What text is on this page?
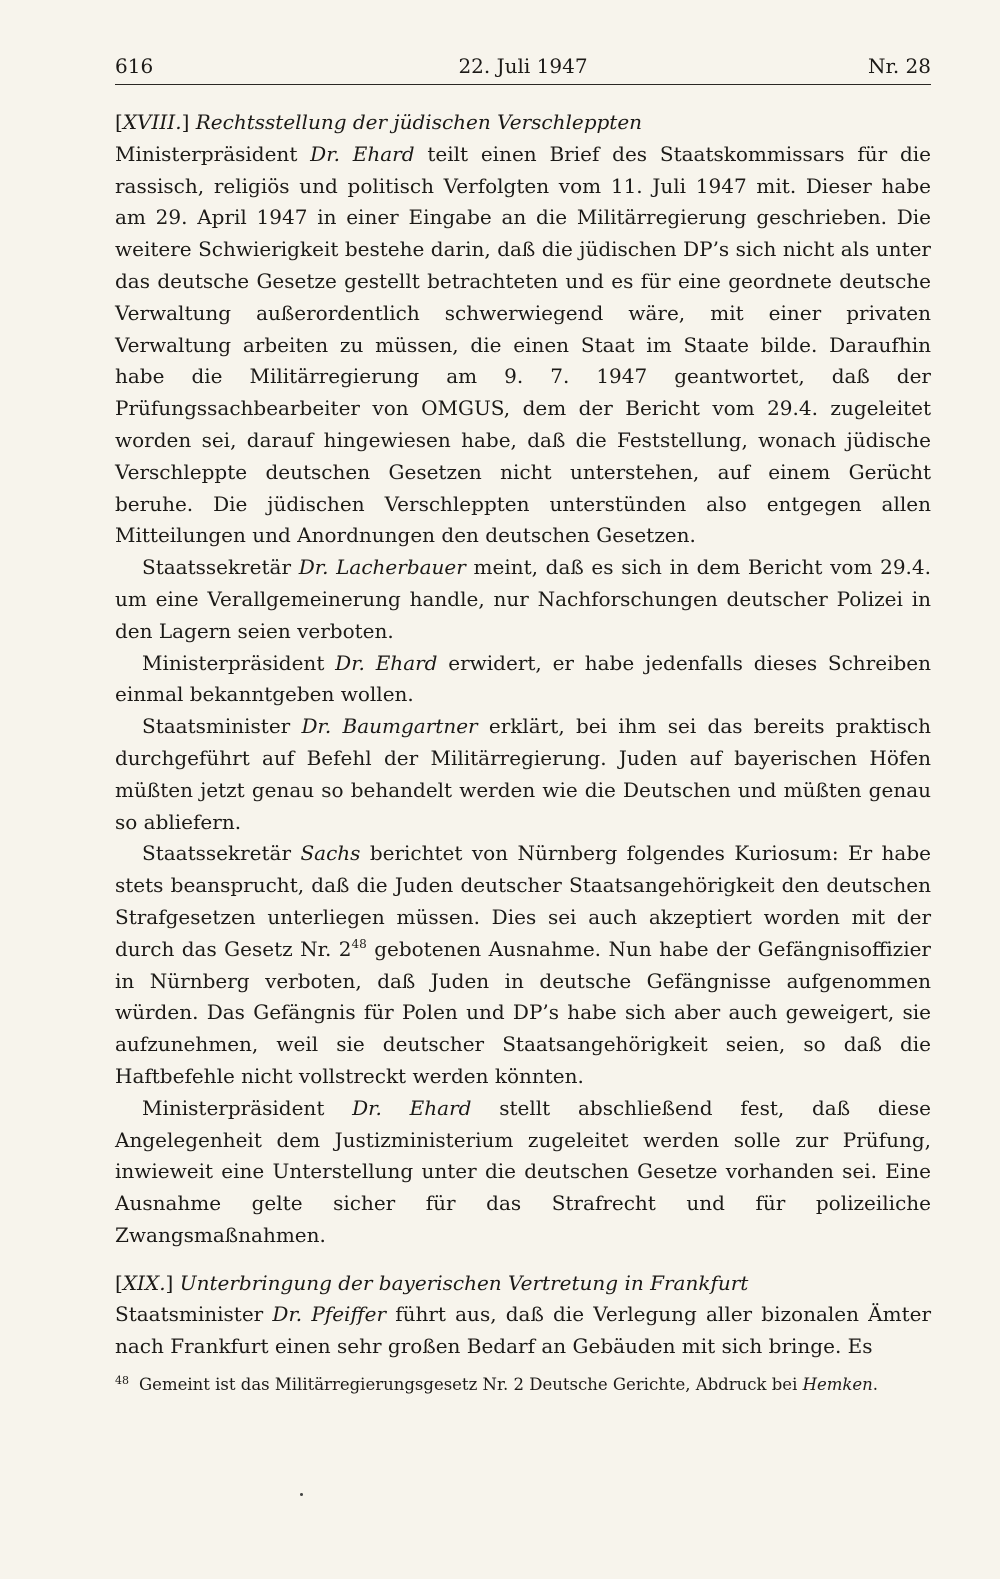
616	22. Juli 1947	Nr. 28

[XVIII.] Rechtsstellung der jüdischen Verschleppten

Ministerpräsident Dr. Ehard teilt einen Brief des Staatskommissars für die rassisch, religiös und politisch Verfolgten vom 11. Juli 1947 mit. Dieser habe am 29. April 1947 in einer Eingabe an die Militärregierung geschrieben. Die weitere Schwierigkeit bestehe darin, daß die jüdischen DP’s sich nicht als unter das deutsche Gesetze gestellt betrachteten und es für eine geordnete deutsche Verwaltung außerordentlich schwerwiegend wäre, mit einer privaten Verwaltung arbeiten zu müssen, die einen Staat im Staate bilde. Daraufhin habe die Militärregierung am 9. 7. 1947 geantwortet, daß der Prüfungssachbearbeiter von OMGUS, dem der Bericht vom 29.4. zugeleitet worden sei, darauf hingewiesen habe, daß die Feststellung, wonach jüdische Verschleppte deutschen Gesetzen nicht unterstehen, auf einem Gerücht beruhe. Die jüdischen Verschleppten unterstünden also entgegen allen Mitteilungen und Anordnungen den deutschen Gesetzen.

Staatssekretär Dr. Lacherbauer meint, daß es sich in dem Bericht vom 29.4. um eine Verallgemeinerung handle, nur Nachforschungen deutscher Polizei in den Lagern seien verboten.

Ministerpräsident Dr. Ehard erwidert, er habe jedenfalls dieses Schreiben einmal bekanntgeben wollen.

Staatsminister Dr. Baumgartner erklärt, bei ihm sei das bereits praktisch durchgeführt auf Befehl der Militärregierung. Juden auf bayerischen Höfen müßten jetzt genau so behandelt werden wie die Deutschen und müßten genau so abliefern.

Staatssekretär Sachs berichtet von Nürnberg folgendes Kuriosum: Er habe stets beansprucht, daß die Juden deutscher Staatsangehörigkeit den deutschen Strafgesetzen unterliegen müssen. Dies sei auch akzeptiert worden mit der durch das Gesetz Nr. $2^{48}$ gebotenen Ausnahme. Nun habe der Gefängnisoffizier in Nürnberg verboten, daß Juden in deutsche Gefängnisse aufgenommen würden. Das Gefängnis für Polen und DP’s habe sich aber auch geweigert, sie aufzunehmen, weil sie deutscher Staatsangehörigkeit seien, so daß die Haftbefehle nicht vollstreckt werden könnten.

Ministerpräsident Dr. Ehard stellt abschließend fest, daß diese Angelegenheit dem Justizministerium zugeleitet werden solle zur Prüfung, inwieweit eine Unterstellung unter die deutschen Gesetze vorhanden sei. Eine Ausnahme gelte sicher für das Strafrecht und für polizeiliche Zwangsmaßnahmen.

[XIX.] Unterbringung der bayerischen Vertretung in Frankfurt

Staatsminister Dr. Pfeiffer führt aus, daß die Verlegung aller bizonalen Ämter nach Frankfurt einen sehr großen Bedarf an Gebäuden mit sich bringe. Es

$^{48}$ Gemeint ist das Militärregierungsgesetz Nr. 2 Deutsche Gerichte, Abdruck bei Hemken.
